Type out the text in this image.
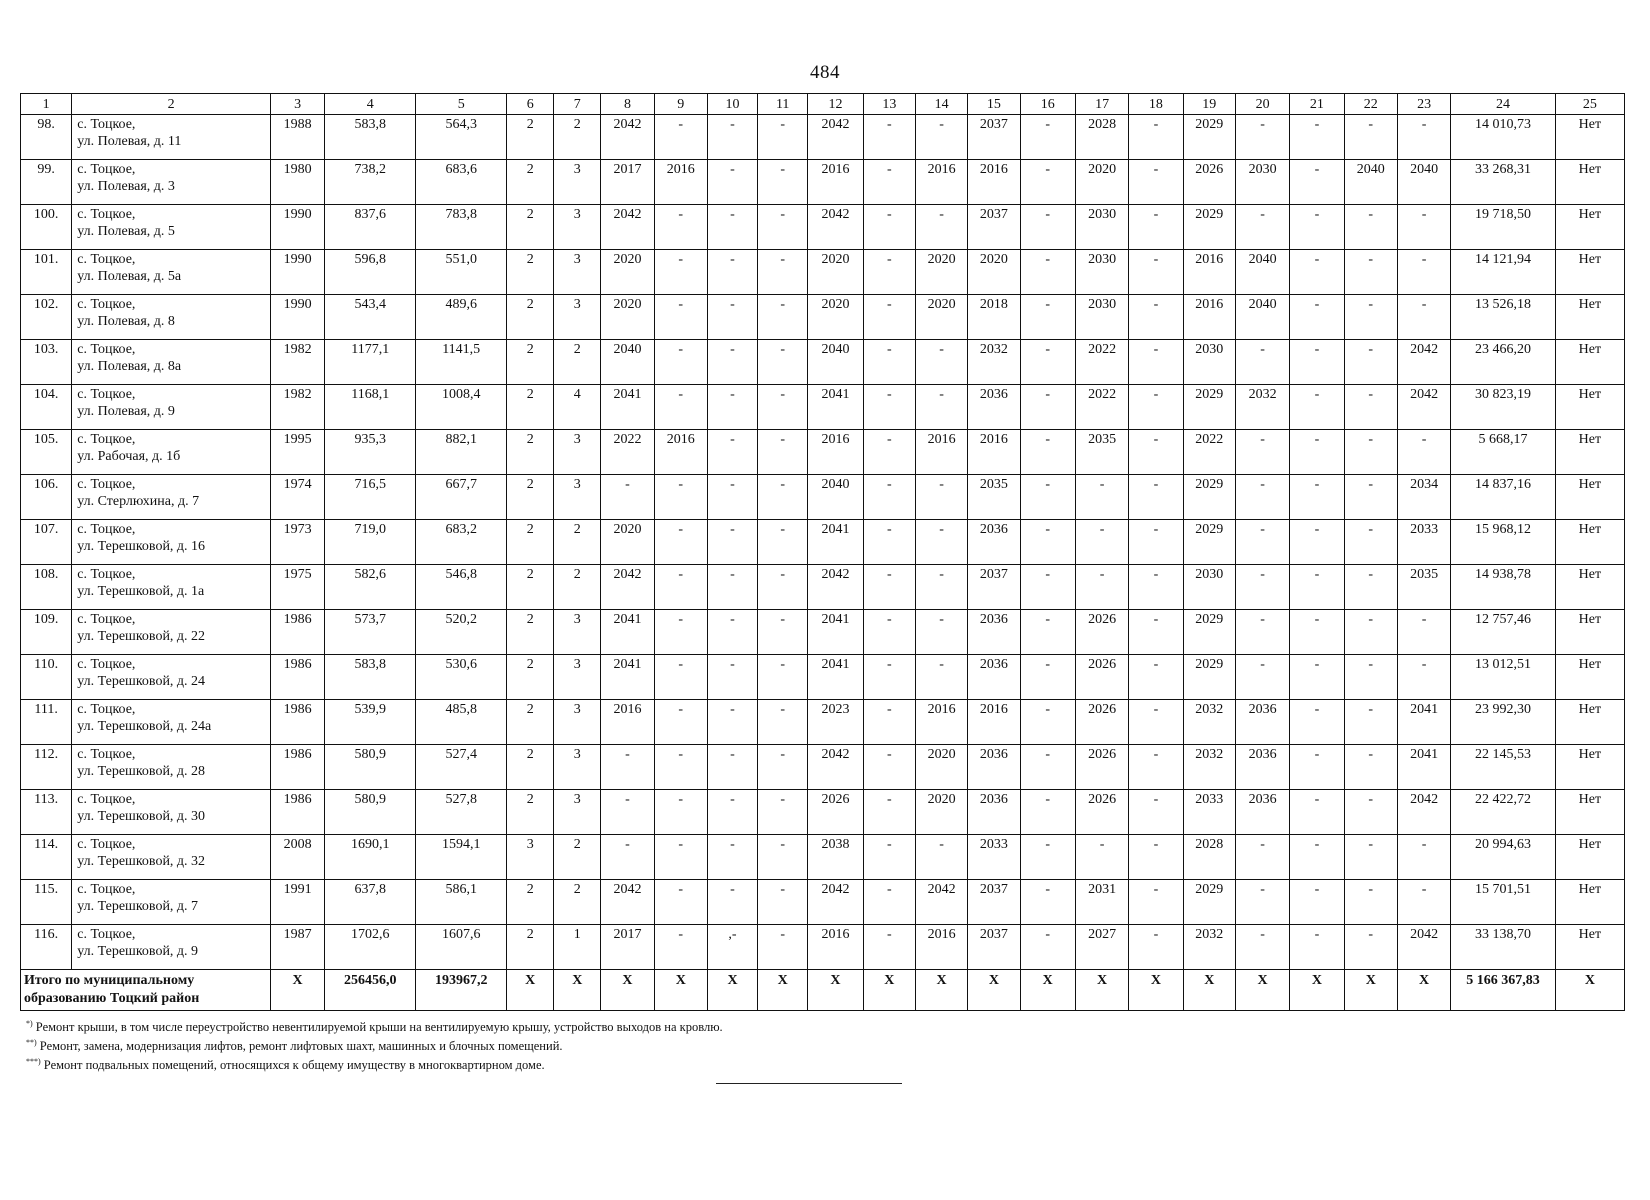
484
1	2	3	4	5	6	7	8	9	10	11	12	13	14	15	16	17	18	19	20	21	22	23	24	25
98.	с. Тоцкое,
ул. Полевая, д. 11	1988	583,8	564,3	2	2	2042	-	-	-	2042	-	-	2037	-	2028	-	2029	-	-	-	-	14 010,73	Нет
99.	с. Тоцкое,
ул. Полевая, д. 3	1980	738,2	683,6	2	3	2017	2016	-	-	2016	-	2016	2016	-	2020	-	2026	2030	-	2040	2040	33 268,31	Нет
100.	с. Тоцкое,
ул. Полевая, д. 5	1990	837,6	783,8	2	3	2042	-	-	-	2042	-	-	2037	-	2030	-	2029	-	-	-	-	19 718,50	Нет
101.	с. Тоцкое,
ул. Полевая, д. 5а	1990	596,8	551,0	2	3	2020	-	-	-	2020	-	2020	2020	-	2030	-	2016	2040	-	-	-	14 121,94	Нет
102.	с. Тоцкое,
ул. Полевая, д. 8	1990	543,4	489,6	2	3	2020	-	-	-	2020	-	2020	2018	-	2030	-	2016	2040	-	-	-	13 526,18	Нет
103.	с. Тоцкое,
ул. Полевая, д. 8а	1982	1177,1	1141,5	2	2	2040	-	-	-	2040	-	-	2032	-	2022	-	2030	-	-	-	2042	23 466,20	Нет
104.	с. Тоцкое,
ул. Полевая, д. 9	1982	1168,1	1008,4	2	4	2041	-	-	-	2041	-	-	2036	-	2022	-	2029	2032	-	-	2042	30 823,19	Нет
105.	с. Тоцкое,
ул. Рабочая, д. 1б	1995	935,3	882,1	2	3	2022	2016	-	-	2016	-	2016	2016	-	2035	-	2022	-	-	-	-	5 668,17	Нет
106.	с. Тоцкое,
ул. Стерлюхина, д. 7	1974	716,5	667,7	2	3	-	-	-	-	2040	-	-	2035	-	-	-	2029	-	-	-	2034	14 837,16	Нет
107.	с. Тоцкое,
ул. Терешковой, д. 16	1973	719,0	683,2	2	2	2020	-	-	-	2041	-	-	2036	-	-	-	2029	-	-	-	2033	15 968,12	Нет
108.	с. Тоцкое,
ул. Терешковой, д. 1а	1975	582,6	546,8	2	2	2042	-	-	-	2042	-	-	2037	-	-	-	2030	-	-	-	2035	14 938,78	Нет
109.	с. Тоцкое,
ул. Терешковой, д. 22	1986	573,7	520,2	2	3	2041	-	-	-	2041	-	-	2036	-	2026	-	2029	-	-	-	-	12 757,46	Нет
110.	с. Тоцкое,
ул. Терешковой, д. 24	1986	583,8	530,6	2	3	2041	-	-	-	2041	-	-	2036	-	2026	-	2029	-	-	-	-	13 012,51	Нет
111.	с. Тоцкое,
ул. Терешковой, д. 24а	1986	539,9	485,8	2	3	2016	-	-	-	2023	-	2016	2016	-	2026	-	2032	2036	-	-	2041	23 992,30	Нет
112.	с. Тоцкое,
ул. Терешковой, д. 28	1986	580,9	527,4	2	3	-	-	-	-	2042	-	2020	2036	-	2026	-	2032	2036	-	-	2041	22 145,53	Нет
113.	с. Тоцкое,
ул. Терешковой, д. 30	1986	580,9	527,8	2	3	-	-	-	-	2026	-	2020	2036	-	2026	-	2033	2036	-	-	2042	22 422,72	Нет
114.	с. Тоцкое,
ул. Терешковой, д. 32	2008	1690,1	1594,1	3	2	-	-	-	-	2038	-	-	2033	-	-	-	2028	-	-	-	-	20 994,63	Нет
115.	с. Тоцкое,
ул. Терешковой, д. 7	1991	637,8	586,1	2	2	2042	-	-	-	2042	-	2042	2037	-	2031	-	2029	-	-	-	-	15 701,51	Нет
116.	с. Тоцкое,
ул. Терешковой, д. 9	1987	1702,6	1607,6	2	1	2017	-	,-	-	2016	-	2016	2037	-	2027	-	2032	-	-	-	2042	33 138,70	Нет
Итого по муниципальному образованию Тоцкий район		X	256456,0	193967,2	X	X	X	X	X	X	X	X	X	X	X	X	X	X	X	X	X	X	5 166 367,83	X
*) Ремонт крыши, в том числе переустройство невентилируемой крыши на вентилируемую крышу, устройство выходов на кровлю.
**) Ремонт, замена, модернизация лифтов, ремонт лифтовых шахт, машинных и блочных помещений.
***) Ремонт подвальных помещений, относящихся к общему имуществу в многоквартирном доме.
